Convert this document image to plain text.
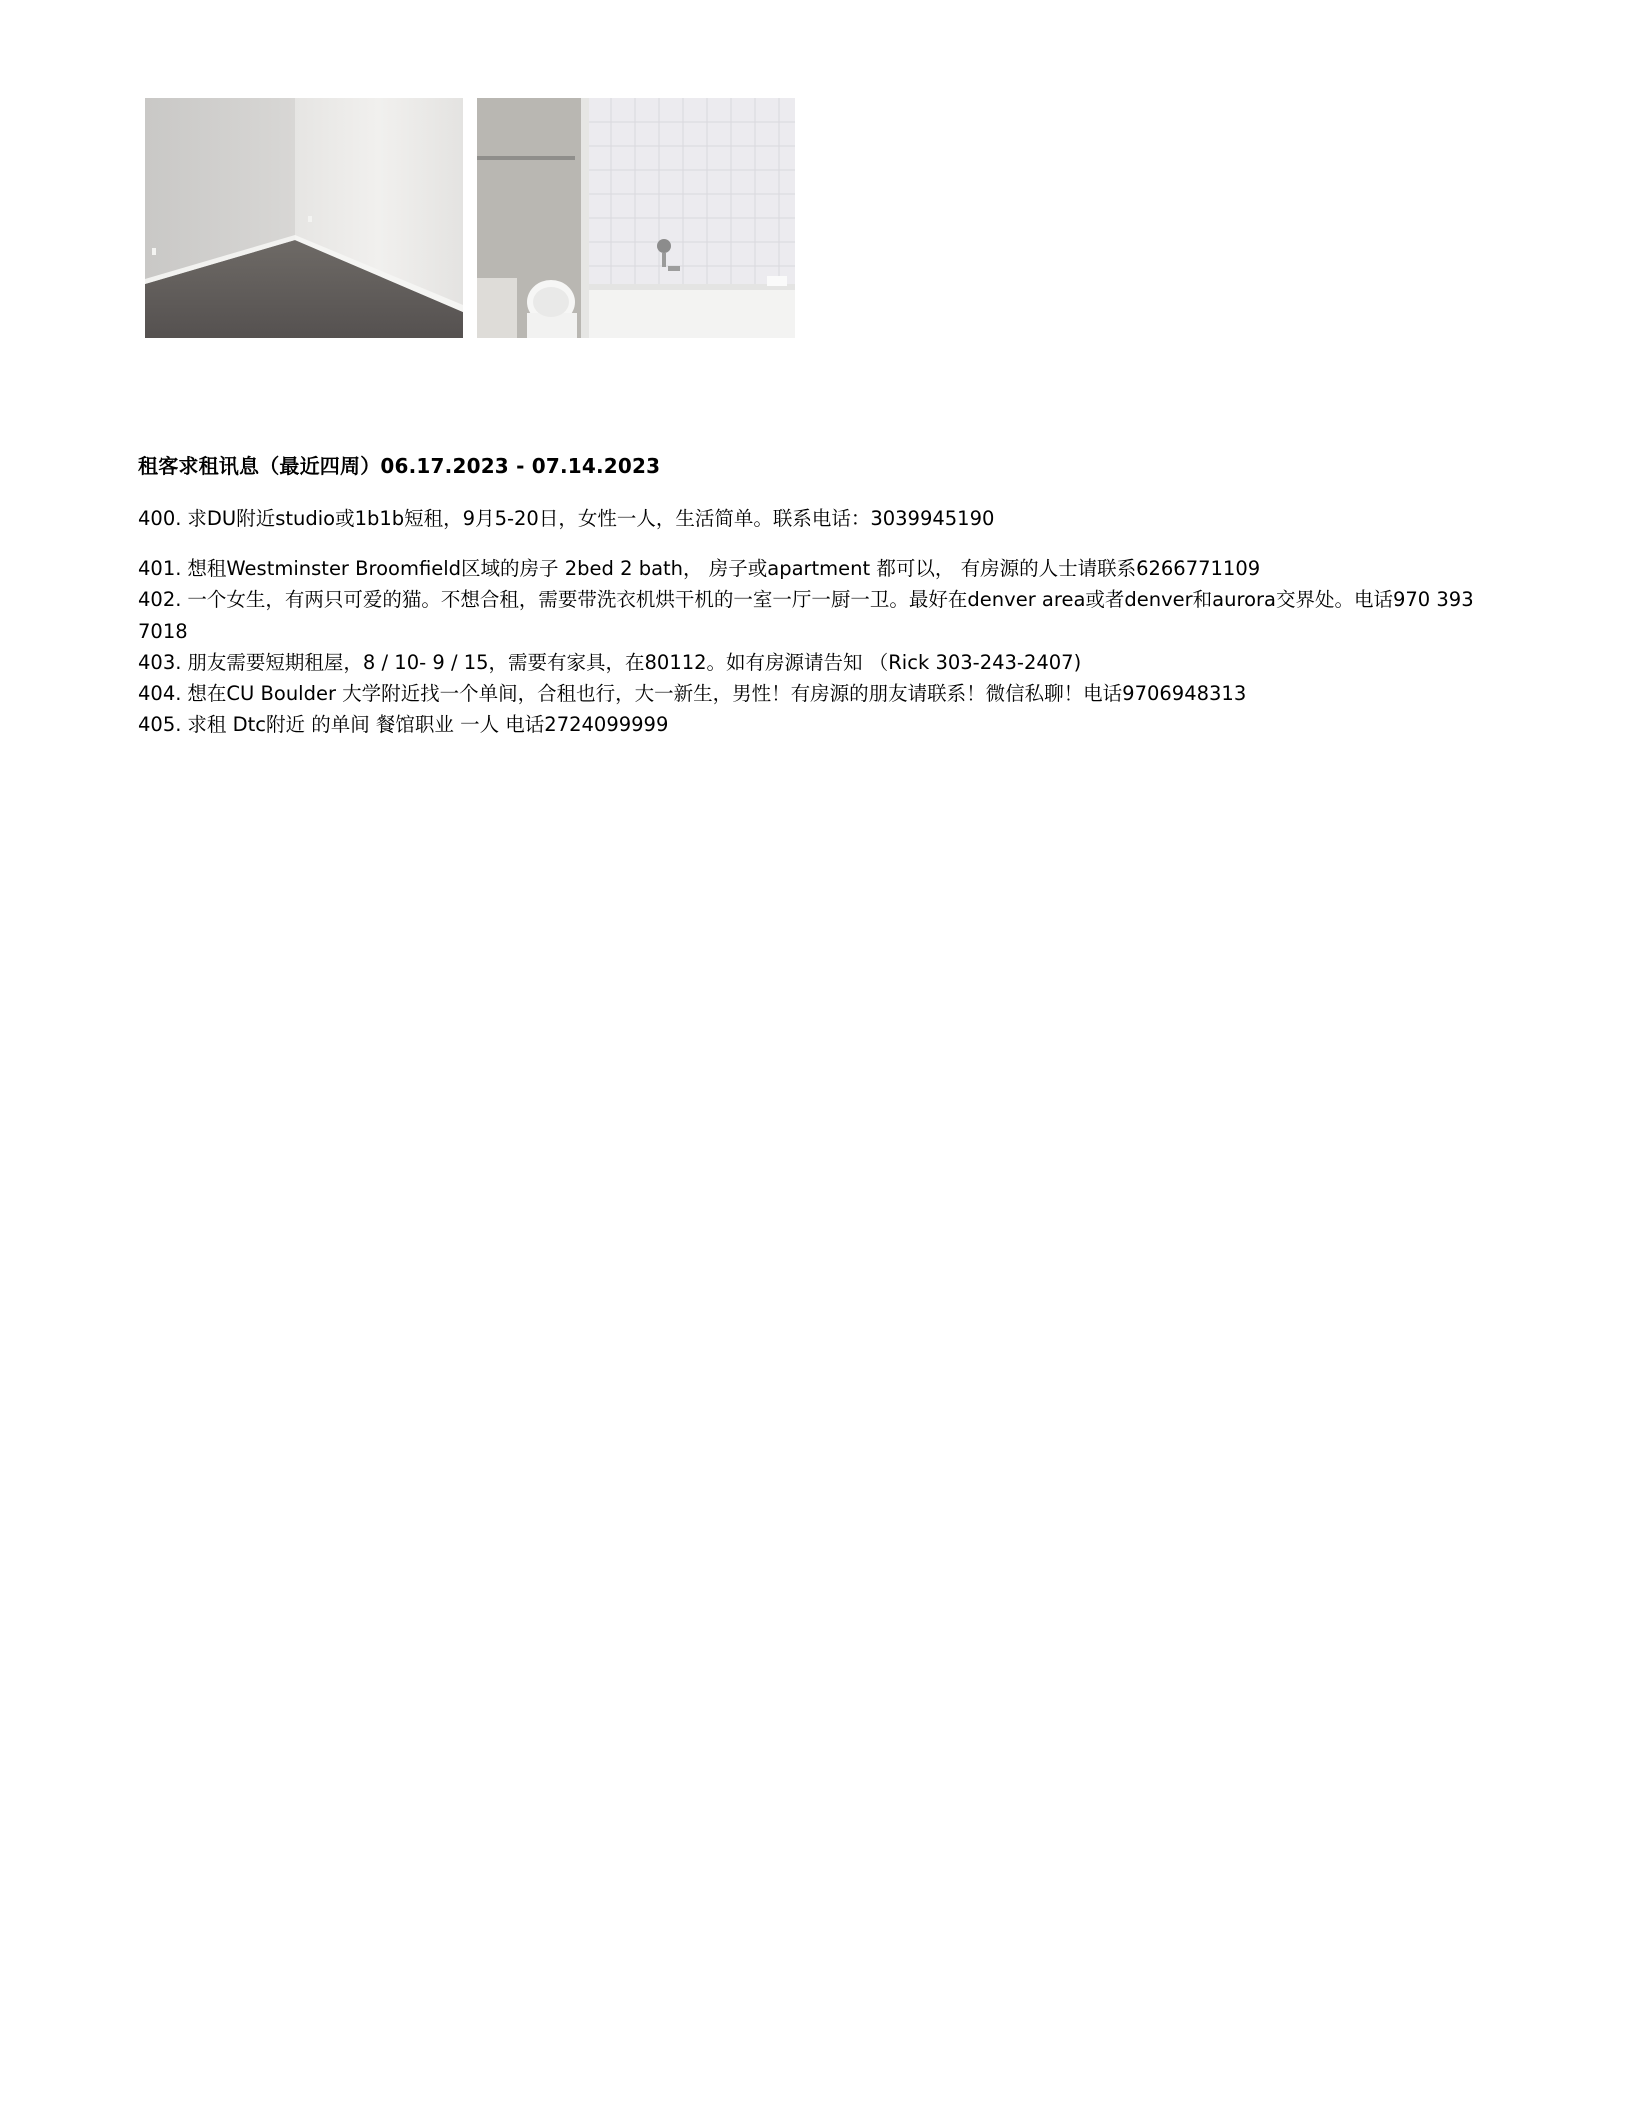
租客求租讯息（最近四周）06.17.2023 - 07.14.2023
400. 求DU附近studio或1b1b短租，9月5-20日，女性一人，生活简单。联系电话：3039945190
401. 想租Westminster Broomfield区域的房子 2bed 2 bath， 房子或apartment 都可以， 有房源的人士请联系6266771109
402. 一个女生，有两只可爱的猫。不想合租，需要带洗衣机烘干机的一室一厅一厨一卫。最好在denver area或者denver和aurora交界处。电话970 393 7018
403. 朋友需要短期租屋，8 / 10- 9 / 15，需要有家具，在80112。如有房源请告知 （Rick 303-243-2407)
404. 想在CU Boulder 大学附近找一个单间，合租也行，大一新生，男性！有房源的朋友请联系！微信私聊！电话9706948313
405. 求租 Dtc附近 的单间 餐馆职业 一人 电话2724099999
